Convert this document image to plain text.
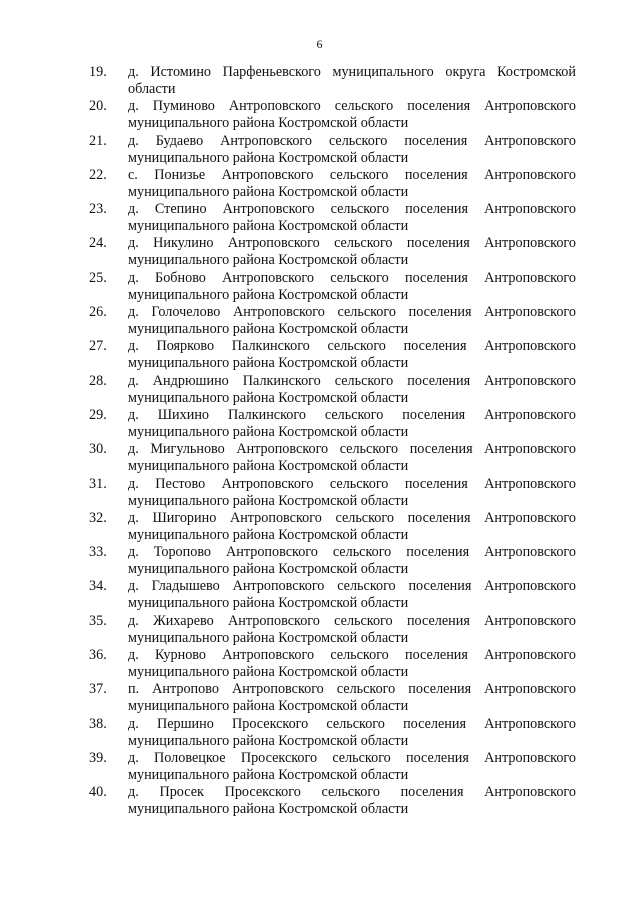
6
19.	д. Истомино Парфеньевского муниципального округа Костромской
области
20.	д. Пуминово Антроповского сельского поселения Антроповского
муниципального района Костромской области
21.	д. Будаево Антроповского сельского поселения Антроповского
муниципального района Костромской области
22.	с. Понизье Антроповского сельского поселения Антроповского
муниципального района Костромской области
23.	д. Степино Антроповского сельского поселения Антроповского
муниципального района Костромской области
24.	д. Никулино Антроповского сельского поселения Антроповского
муниципального района Костромской области
25.	д. Бобново Антроповского сельского поселения Антроповского
муниципального района Костромской области
26.	д. Голочелово Антроповского сельского поселения Антроповского
муниципального района Костромской области
27.	д. Поярково Палкинского сельского поселения Антроповского
муниципального района Костромской области
28.	д. Андрюшино Палкинского сельского поселения Антроповского
муниципального района Костромской области
29.	д. Шихино Палкинского сельского поселения Антроповского
муниципального района Костромской области
30.	д. Мигульново Антроповского сельского поселения Антроповского
муниципального района Костромской области
31.	д. Пестово Антроповского сельского поселения Антроповского
муниципального района Костромской области
32.	д. Шигорино Антроповского сельского поселения Антроповского
муниципального района Костромской области
33.	д. Торопово Антроповского сельского поселения Антроповского
муниципального района Костромской области
34.	д. Гладышево Антроповского сельского поселения Антроповского
муниципального района Костромской области
35.	д. Жихарево Антроповского сельского поселения Антроповского
муниципального района Костромской области
36.	д. Курново Антроповского сельского поселения Антроповского
муниципального района Костромской области
37.	п. Антропово Антроповского сельского поселения Антроповского
муниципального района Костромской области
38.	д. Першино Просекского сельского поселения Антроповского
муниципального района Костромской области
39.	д. Половецкое Просекского сельского поселения Антроповского
муниципального района Костромской области
40.	д. Просек Просекского сельского поселения Антроповского
муниципального района Костромской области
